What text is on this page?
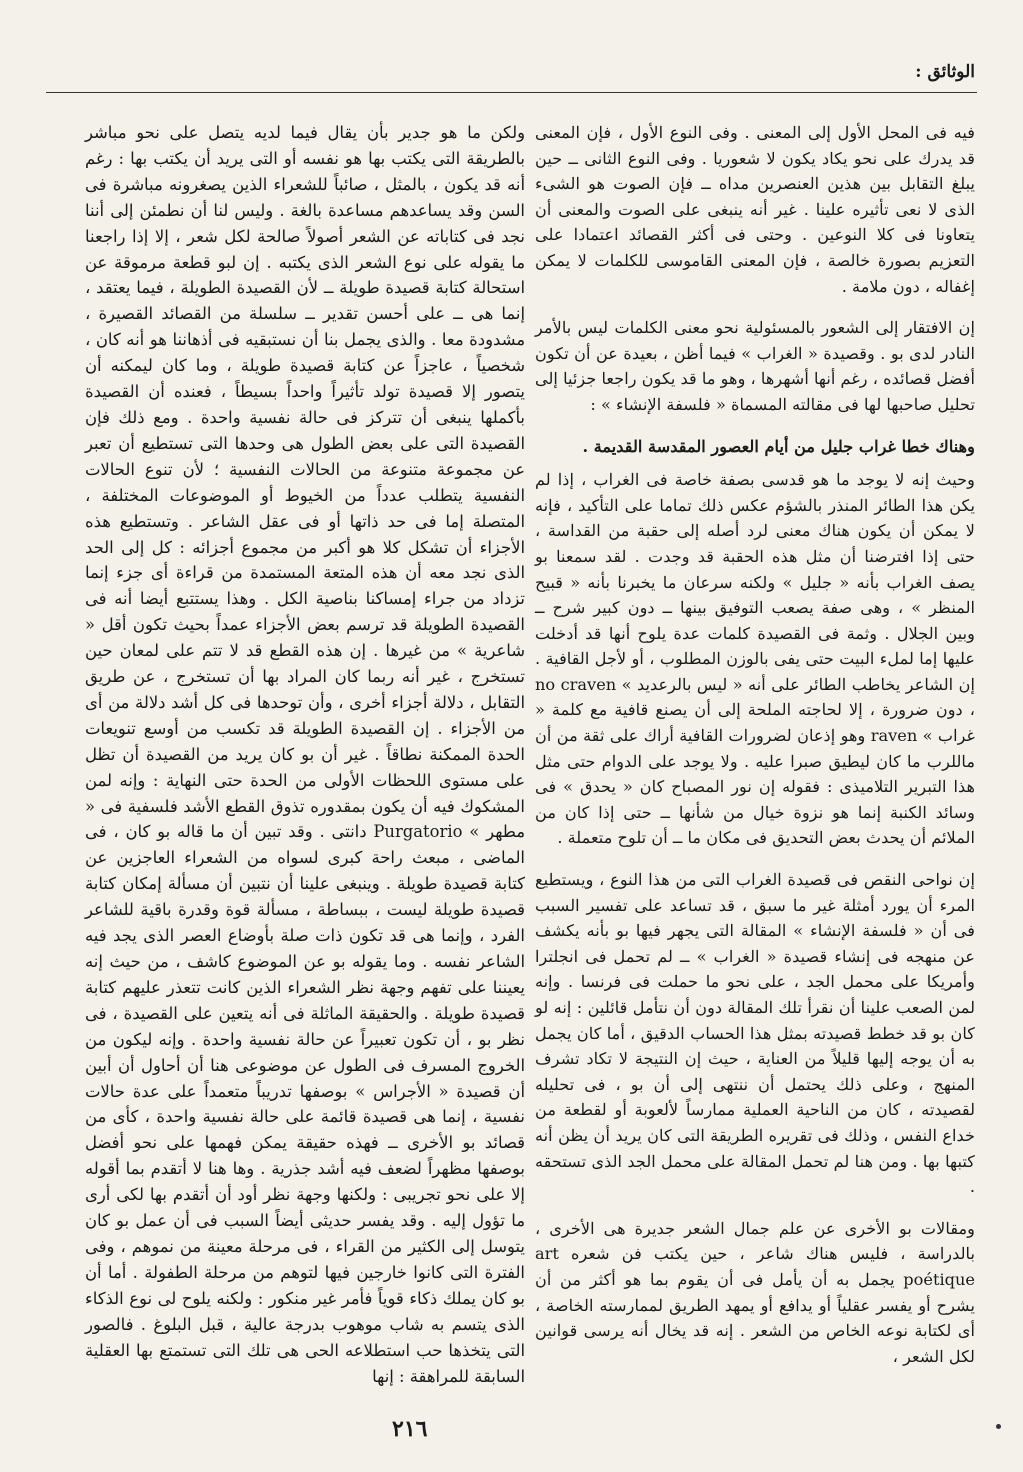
الوثائق :

فيه فى المحل الأول إلى المعنى . وفى النوع الأول ، فإن المعنى قد يدرك على نحو يكاد يكون لا شعوريا . وفى النوع الثانى ــ حين يبلغ التقابل بين هذين العنصرين مداه ــ فإن الصوت هو الشىء الذى لا نعى تأثيره علينا . غير أنه ينبغى على الصوت والمعنى أن يتعاونا فى كلا النوعين . وحتى فى أكثر القصائد اعتمادا على التعزيم بصورة خالصة ، فإن المعنى القاموسى للكلمات لا يمكن إغفاله ، دون ملامة .

إن الافتقار إلى الشعور بالمسئولية نحو معنى الكلمات ليس بالأمر النادر لدى بو . وقصيدة « الغراب » فيما أظن ، بعيدة عن أن تكون أفضل قصائده ، رغم أنها أشهرها ، وهو ما قد يكون راجعا جزئيا إلى تحليل صاحبها لها فى مقالته المسماة « فلسفة الإنشاء » :

وهناك خطا غراب جليل من أيام العصور المقدسة القديمة .

وحيث إنه لا يوجد ما هو قدسى بصفة خاصة فى الغراب ، إذا لم يكن هذا الطائر المنذر بالشؤم عكس ذلك تماما على التأكيد ، فإنه لا يمكن أن يكون هناك معنى لرد أصله إلى حقبة من القداسة ، حتى إذا افترضنا أن مثل هذه الحقبة قد وجدت . لقد سمعنا بو يصف الغراب بأنه « جليل » ولكنه سرعان ما يخبرنا بأنه « قبيح المنظر » ، وهى صفة يصعب التوفيق بينها ــ دون كبير شرح ــ وبين الجلال . وثمة فى القصيدة كلمات عدة يلوح أنها قد أدخلت عليها إما لملء البيت حتى يفى بالوزن المطلوب ، أو لأجل القافية . إن الشاعر يخاطب الطائر على أنه « ليس بالرعديد » no craven ، دون ضرورة ، إلا لحاجته الملحة إلى أن يصنع قافية مع كلمة « غراب » raven وهو إذعان لضرورات القافية أراك على ثقة من أن ماللرب ما كان ليطيق صبرا عليه . ولا يوجد على الدوام حتى مثل هذا التبرير التلاميذى : فقوله إن نور المصباح كان « يحدق » فى وسائد الكنبة إنما هو نزوة خيال من شأنها ــ حتى إذا كان من الملائم أن يحدث بعض التحديق فى مكان ما ــ أن تلوح متعملة .

إن نواحى النقص فى قصيدة الغراب التى من هذا النوع ، ويستطيع المرء أن يورد أمثلة غير ما سبق ، قد تساعد على تفسير السبب فى أن « فلسفة الإنشاء » المقالة التى يجهر فيها بو بأنه يكشف عن منهجه فى إنشاء قصيدة « الغراب » ــ لم تحمل فى انجلترا وأمريكا على محمل الجد ، على نحو ما حملت فى فرنسا . وإنه لمن الصعب علينا أن نقرأ تلك المقالة دون أن نتأمل قائلين : إنه لو كان بو قد خطط قصيدته بمثل هذا الحساب الدقيق ، أما كان يجمل به أن يوجه إليها قليلاً من العناية ، حيث إن النتيجة لا تكاد تشرف المنهج ، وعلى ذلك يحتمل أن ننتهى إلى أن بو ، فى تحليله لقصيدته ، كان من الناحية العملية ممارساً لألعوبة أو لقطعة من خداع النفس ، وذلك فى تقريره الطريقة التى كان يريد أن يظن أنه كتبها بها . ومن هنا لم تحمل المقالة على محمل الجد الذى تستحقه .

ومقالات بو الأخرى عن علم جمال الشعر جديرة هى الأخرى ، بالدراسة ، فليس هناك شاعر ، حين يكتب فن شعره art poétique يجمل به أن يأمل فى أن يقوم بما هو أكثر من أن يشرح أو يفسر عقلياً أو يدافع أو يمهد الطريق لممارسته الخاصة ، أى لكتابة نوعه الخاص من الشعر . إنه قد يخال أنه يرسى قوانين لكل الشعر ،

ولكن ما هو جدير بأن يقال فيما لديه يتصل على نحو مباشر بالطريقة التى يكتب بها هو نفسه أو التى يريد أن يكتب بها : رغم أنه قد يكون ، بالمثل ، صائباً للشعراء الذين يصغرونه مباشرة فى السن وقد يساعدهم مساعدة بالغة . وليس لنا أن نطمئن إلى أننا نجد فى كتاباته عن الشعر أصولاً صالحة لكل شعر ، إلا إذا راجعنا ما يقوله على نوع الشعر الذى يكتبه . إن لبو قطعة مرموقة عن استحالة كتابة قصيدة طويلة ــ لأن القصيدة الطويلة ، فيما يعتقد ، إنما هى ــ على أحسن تقدير ــ سلسلة من القصائد القصيرة ، مشدودة معا . والذى يجمل بنا أن نستبقيه فى أذهاننا هو أنه كان ، شخصياً ، عاجزاً عن كتابة قصيدة طويلة ، وما كان ليمكنه أن يتصور إلا قصيدة تولد تأثيراً واحداً بسيطاً ، فعنده أن القصيدة بأكملها ينبغى أن تتركز فى حالة نفسية واحدة . ومع ذلك فإن القصيدة التى على بعض الطول هى وحدها التى تستطيع أن تعبر عن مجموعة متنوعة من الحالات النفسية ؛ لأن تنوع الحالات النفسية يتطلب عدداً من الخيوط أو الموضوعات المختلفة ، المتصلة إما فى حد ذاتها أو فى عقل الشاعر . وتستطيع هذه الأجزاء أن تشكل كلا هو أكبر من مجموع أجزائه : كل إلى الحد الذى نجد معه أن هذه المتعة المستمدة من قراءة أى جزء إنما تزداد من جراء إمساكنا بناصية الكل . وهذا يستتبع أيضا أنه فى القصيدة الطويلة قد ترسم بعض الأجزاء عمداً بحيث تكون أقل « شاعرية » من غيرها . إن هذه القطع قد لا تتم على لمعان حين تستخرج ، غير أنه ربما كان المراد بها أن تستخرج ، عن طريق التقابل ، دلالة أجزاء أخرى ، وأن توحدها فى كل أشد دلالة من أى من الأجزاء . إن القصيدة الطويلة قد تكسب من أوسع تنويعات الحدة الممكنة نطاقاً . غير أن بو كان يريد من القصيدة أن تظل على مستوى اللحظات الأولى من الحدة حتى النهاية : وإنه لمن المشكوك فيه أن يكون بمقدوره تذوق القطع الأشد فلسفية فى « مطهر » Purgatorio دانتى . وقد تبين أن ما قاله بو كان ، فى الماضى ، مبعث راحة كبرى لسواه من الشعراء العاجزين عن كتابة قصيدة طويلة . وينبغى علينا أن نتبين أن مسألة إمكان كتابة قصيدة طويلة ليست ، ببساطة ، مسألة قوة وقدرة باقية للشاعر الفرد ، وإنما هى قد تكون ذات صلة بأوضاع العصر الذى يجد فيه الشاعر نفسه . وما يقوله بو عن الموضوع كاشف ، من حيث إنه يعيننا على تفهم وجهة نظر الشعراء الذين كانت تتعذر عليهم كتابة قصيدة طويلة . والحقيقة الماثلة فى أنه يتعين على القصيدة ، فى نظر بو ، أن تكون تعبيراً عن حالة نفسية واحدة . وإنه ليكون من الخروج المسرف فى الطول عن موضوعى هنا أن أحاول أن أبين أن قصيدة « الأجراس » بوصفها تدريباً متعمداً على عدة حالات نفسية ، إنما هى قصيدة قائمة على حالة نفسية واحدة ، كأى من قصائد بو الأخرى ــ فهذه حقيقة يمكن فهمها على نحو أفضل بوصفها مظهراً لضعف فيه أشد جذرية . وها هنا لا أتقدم بما أقوله إلا على نحو تجريبى : ولكنها وجهة نظر أود أن أتقدم بها لكى أرى ما تؤول إليه . وقد يفسر حديثى أيضاً السبب فى أن عمل بو كان يتوسل إلى الكثير من القراء ، فى مرحلة معينة من نموهم ، وفى الفترة التى كانوا خارجين فيها لتوهم من مرحلة الطفولة . أما أن بو كان يملك ذكاء قوياً فأمر غير منكور : ولكنه يلوح لى نوع الذكاء الذى يتسم به شاب موهوب بدرجة عالية ، قبل البلوغ . فالصور التى يتخذها حب استطلاعه الحى هى تلك التى تستمتع بها العقلية السابقة للمراهقة : إنها

٢١٦
